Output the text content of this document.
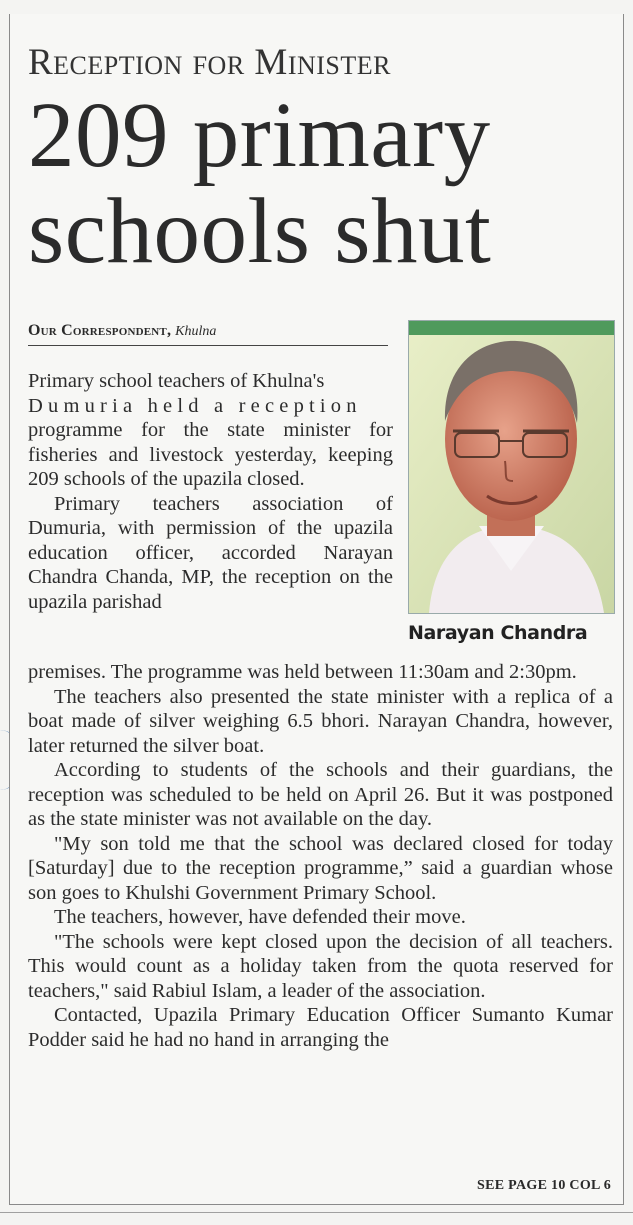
Reception for Minister
209 primary schools shut
Our Correspondent, Khulna
Narayan Chandra

Primary school teachers of Khulna's

Dumuria held a reception

programme for the state minister for fisheries and livestock yesterday, keeping 209 schools of the upazila closed.

Primary teachers association of Dumuria, with permission of the upazila education officer, accorded Narayan Chandra Chanda, MP, the reception on the upazila parishad

premises. The programme was held between 11:30am and 2:30pm.

The teachers also presented the state minister with a replica of a boat made of silver weighing 6.5 bhori. Narayan Chandra, however, later returned the silver boat.

According to students of the schools and their guardians, the reception was scheduled to be held on April 26. But it was postponed as the state minister was not available on the day.

"My son told me that the school was declared closed for today [Saturday] due to the reception programme,” said a guardian whose son goes to Khulshi Government Primary School.

The teachers, however, have defended their move.

"The schools were kept closed upon the decision of all teachers. This would count as a holiday taken from the quota reserved for teachers," said Rabiul Islam, a leader of the association.

Contacted, Upazila Primary Education Officer Sumanto Kumar Podder said he had no hand in arranging the

SEE PAGE 10 COL 6
